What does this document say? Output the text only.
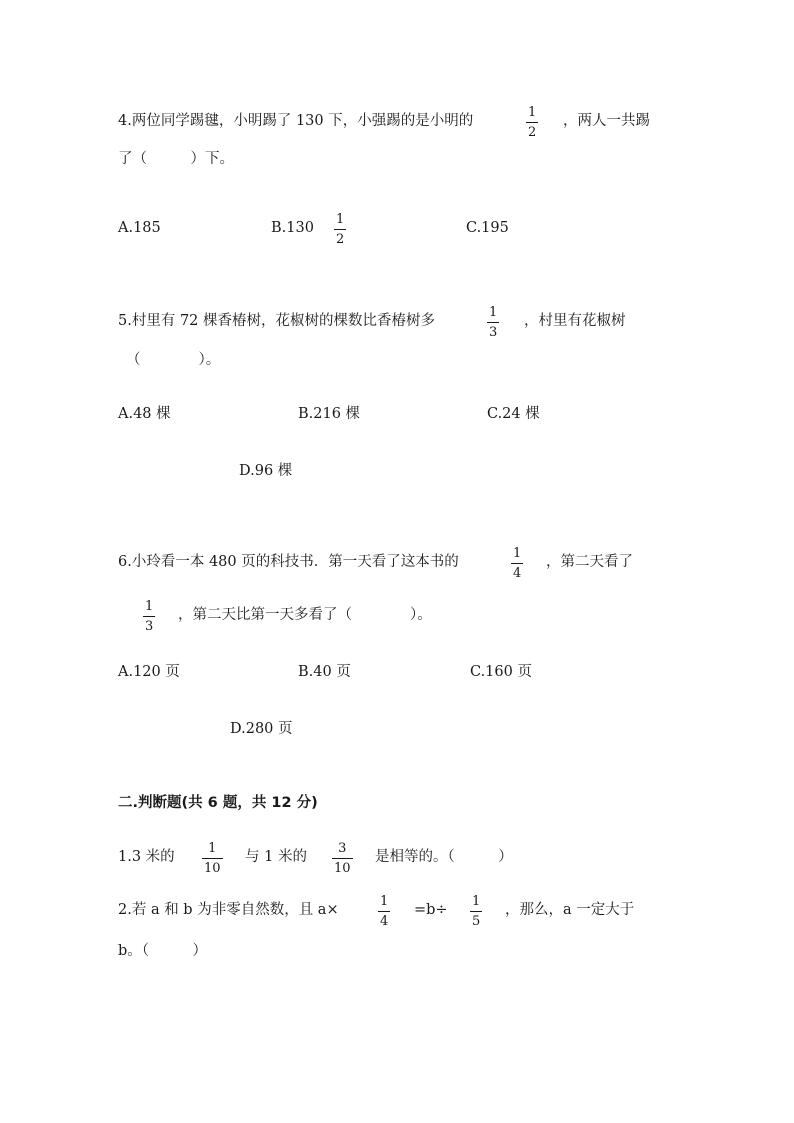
4.两位同学踢毽，小明踢了 130 下，小强踢的是小明的
1
2
，两人一共踢
了（　　　）下。
A.185	B.130
1
2
C.195
5.村里有 72 棵香椿树，花椒树的棵数比香椿树多
1
3
，村里有花椒树
（　　　　）。
A.48 棵	B.216 棵	C.24 棵
D.96 棵
6.小玲看一本 480 页的科技书．第一天看了这本书的
1
4
，第二天看了
1
3
，第二天比第一天多看了（　　　　）。
A.120 页	B.40 页	C.160 页
D.280 页
二.判断题(共 6 题，共 12 分)
1.3 米的
1
10
与 1 米的
3
10
是相等的。（　　　）
2.若 a 和 b 为非零自然数，且 a×
1
4
=b÷
1
5
，那么，a 一定大于
b。（　　　）
